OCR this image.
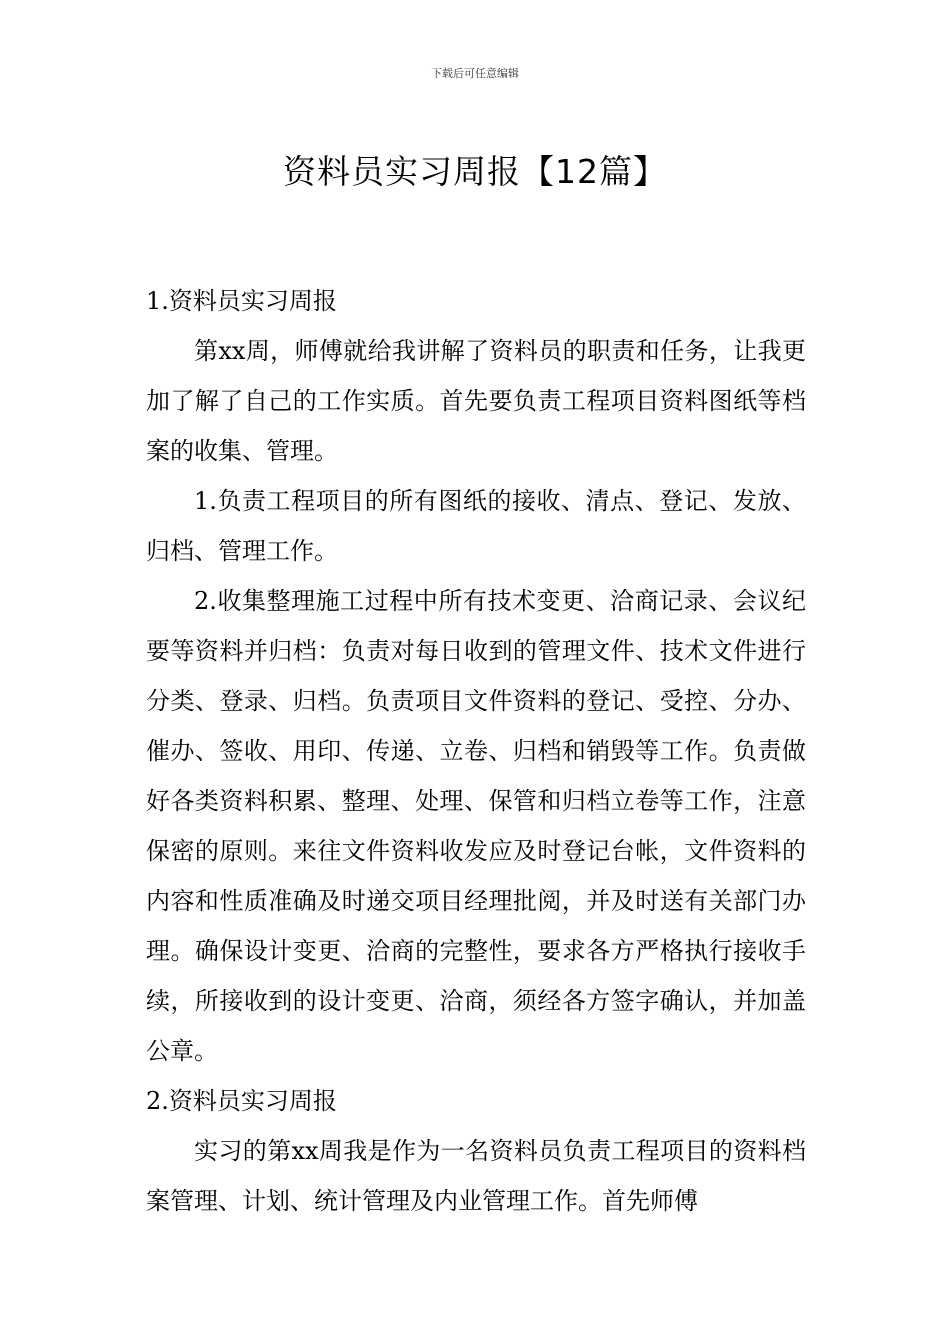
下载后可任意编辑
资料员实习周报【12篇】
1.资料员实习周报

第xx周，师傅就给我讲解了资料员的职责和任务，让我更加了解了自己的工作实质。首先要负责工程项目资料图纸等档案的收集、管理。

1.负责工程项目的所有图纸的接收、清点、登记、发放、归档、管理工作。

2.收集整理施工过程中所有技术变更、洽商记录、会议纪要等资料并归档：负责对每日收到的管理文件、技术文件进行分类、登录、归档。负责项目文件资料的登记、受控、分办、催办、签收、用印、传递、立卷、归档和销毁等工作。负责做好各类资料积累、整理、处理、保管和归档立卷等工作，注意保密的原则。来往文件资料收发应及时登记台帐，文件资料的内容和性质准确及时递交项目经理批阅，并及时送有关部门办理。确保设计变更、洽商的完整性，要求各方严格执行接收手续，所接收到的设计变更、洽商，须经各方签字确认，并加盖公章。

2.资料员实习周报

实习的第xx周我是作为一名资料员负责工程项目的资料档案管理、计划、统计管理及内业管理工作。首先师傅
